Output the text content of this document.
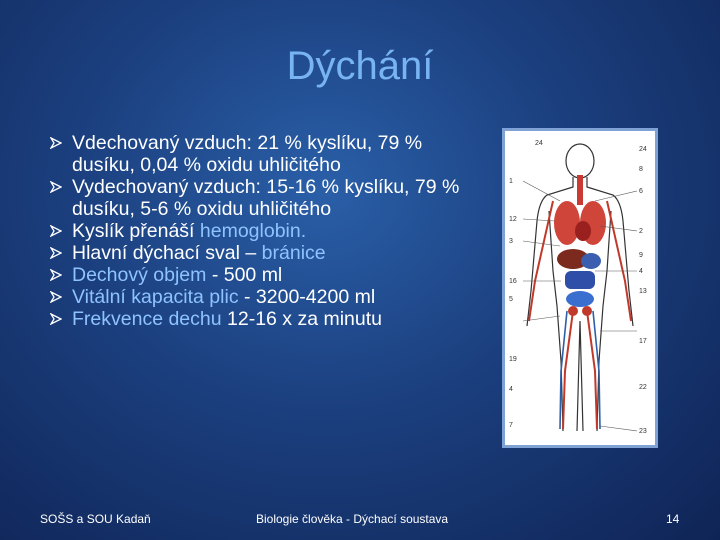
Dýchání
Vdechovaný vzduch: 21 % kyslíku, 79 % dusíku, 0,04 % oxidu uhličitého
Vydechovaný vzduch: 15-16 % kyslíku, 79 % dusíku, 5-6 % oxidu uhličitého
Kyslík přenáší hemoglobin.
Hlavní dýchací sval – bránice
Dechový objem - 500 ml
Vitální kapacita plic - 3200-4200 ml
Frekvence dechu 12-16 x za minutu
24
1
12
3
16
5
19
4
7
24
8
6
2
9
4
13
17
22
23
SOŠS a SOU Kadaň	Biologie člověka - Dýchací soustava	14
